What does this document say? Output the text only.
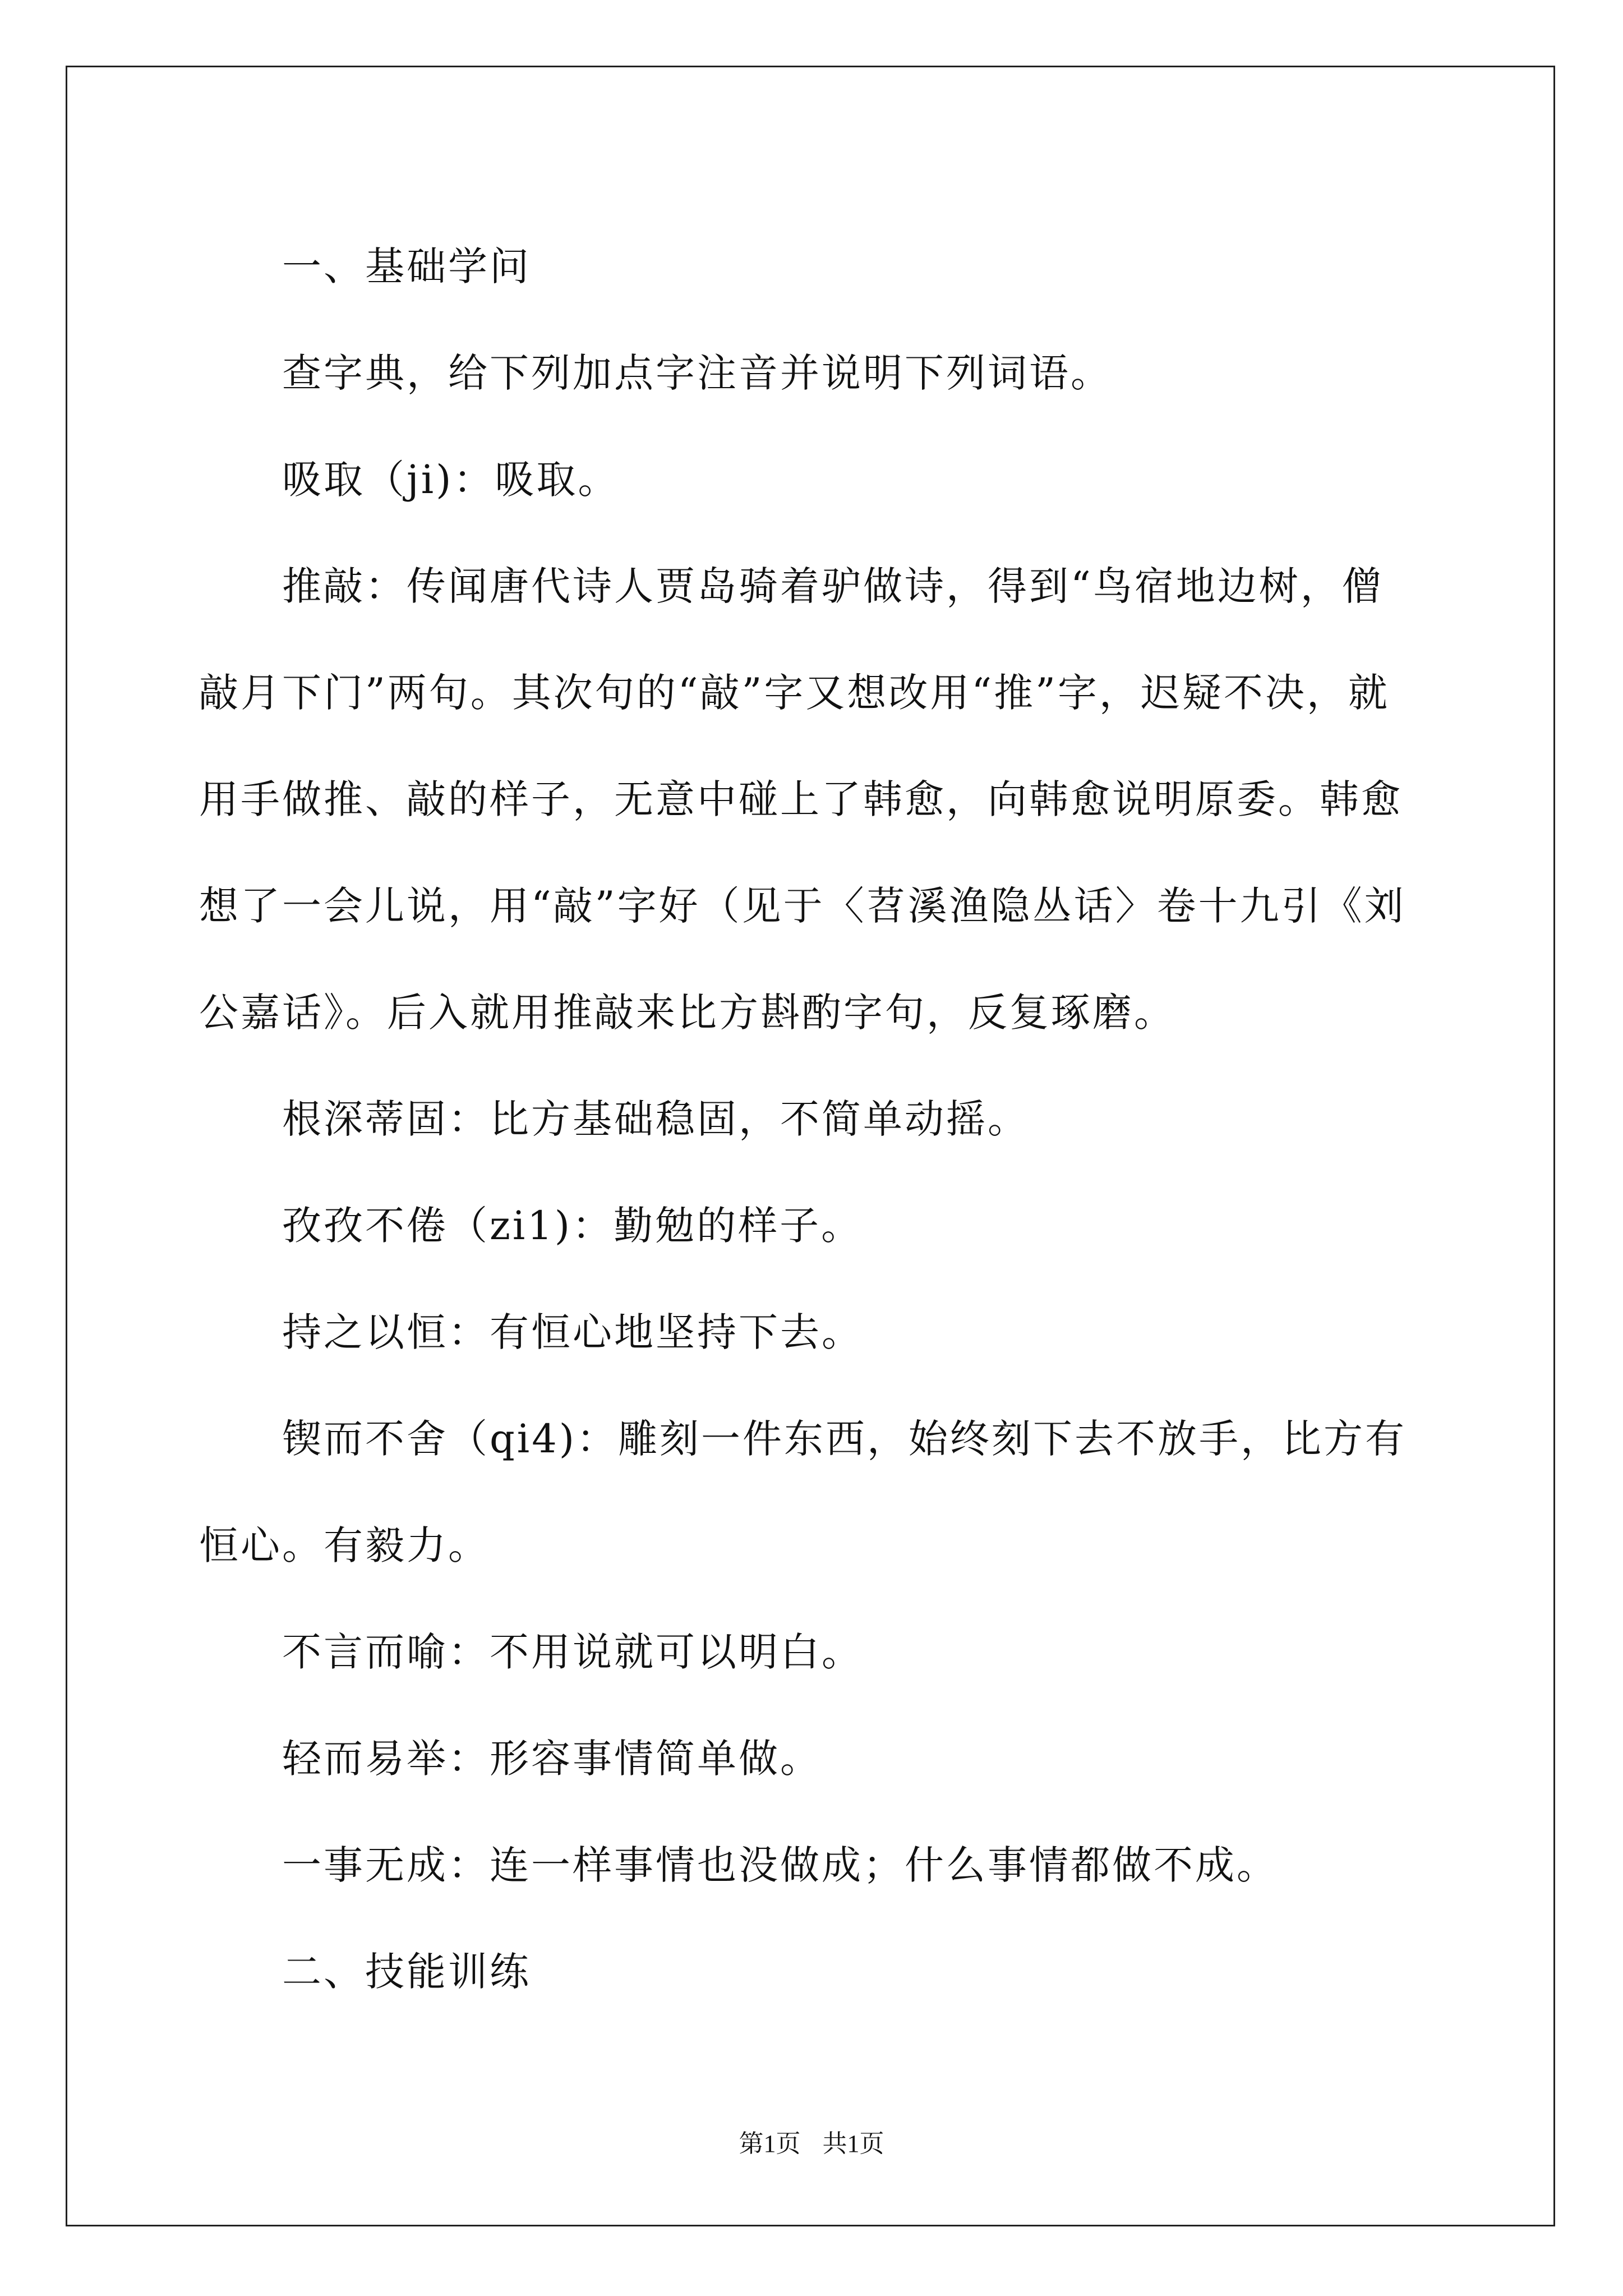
一、基础学问

查字典，给下列加点字注音并说明下列词语。

吸取（ji)：吸取。

推敲：传闻唐代诗人贾岛骑着驴做诗，得到“鸟宿地边树，僧敲月下门”两句。其次句的“敲”字又想改用“推”字，迟疑不决，就用手做推、敲的样子，无意中碰上了韩愈，向韩愈说明原委。韩愈想了一会儿说，用“敲”字好（见于〈苕溪渔隐丛话〉卷十九引《刘公嘉话》。后入就用推敲来比方斟酌字句，反复琢磨。

根深蒂固：比方基础稳固，不简单动摇。

孜孜不倦（zi1)：勤勉的样子。

持之以恒：有恒心地坚持下去。

锲而不舍（qi4)：雕刻一件东西，始终刻下去不放手，比方有恒心。有毅力。

不言而喻：不用说就可以明白。

轻而易举：形容事情简单做。

一事无成：连一样事情也没做成；什么事情都做不成。

二、技能训练

第1页 共1页
